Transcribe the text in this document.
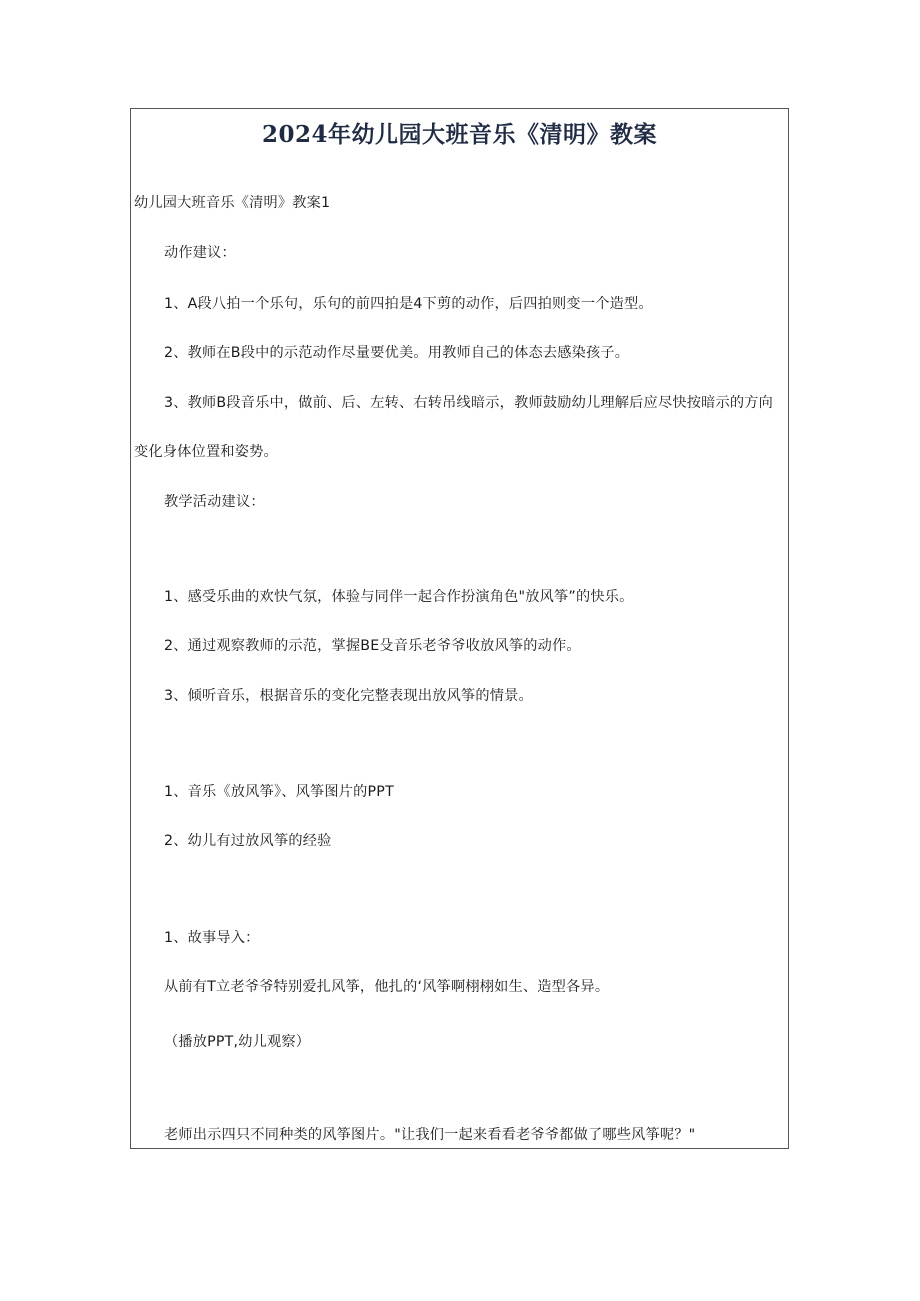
2024年幼儿园大班音乐《清明》教案

幼儿园大班音乐《清明》教案1

动作建议：

1、A段八拍一个乐句，乐句的前四拍是4下剪的动作，后四拍则变一个造型。

2、教师在B段中的示范动作尽量要优美。用教师自己的体态去感染孩子。

3、教师B段音乐中，做前、后、左转、右转吊线暗示，教师鼓励幼儿理解后应尽快按暗示的方向

变化身体位置和姿势。

教学活动建议：

1、感受乐曲的欢快气氛，体验与同伴一起合作扮演角色"放风筝”的快乐。

2、通过观察教师的示范，掌握BE殳音乐老爷爷收放风筝的动作。

3、倾听音乐，根据音乐的变化完整表现出放风筝的情景。

1、音乐《放风筝》、风筝图片的PPT

2、幼儿有过放风筝的经验

1、故事导入：

从前有T立老爷爷特别爱扎风筝，他扎的‘风筝啊栩栩如生、造型各异。

（播放PPT,幼儿观察）

老师出示四只不同种类的风筝图片。"让我们一起来看看老爷爷都做了哪些风筝呢？"
